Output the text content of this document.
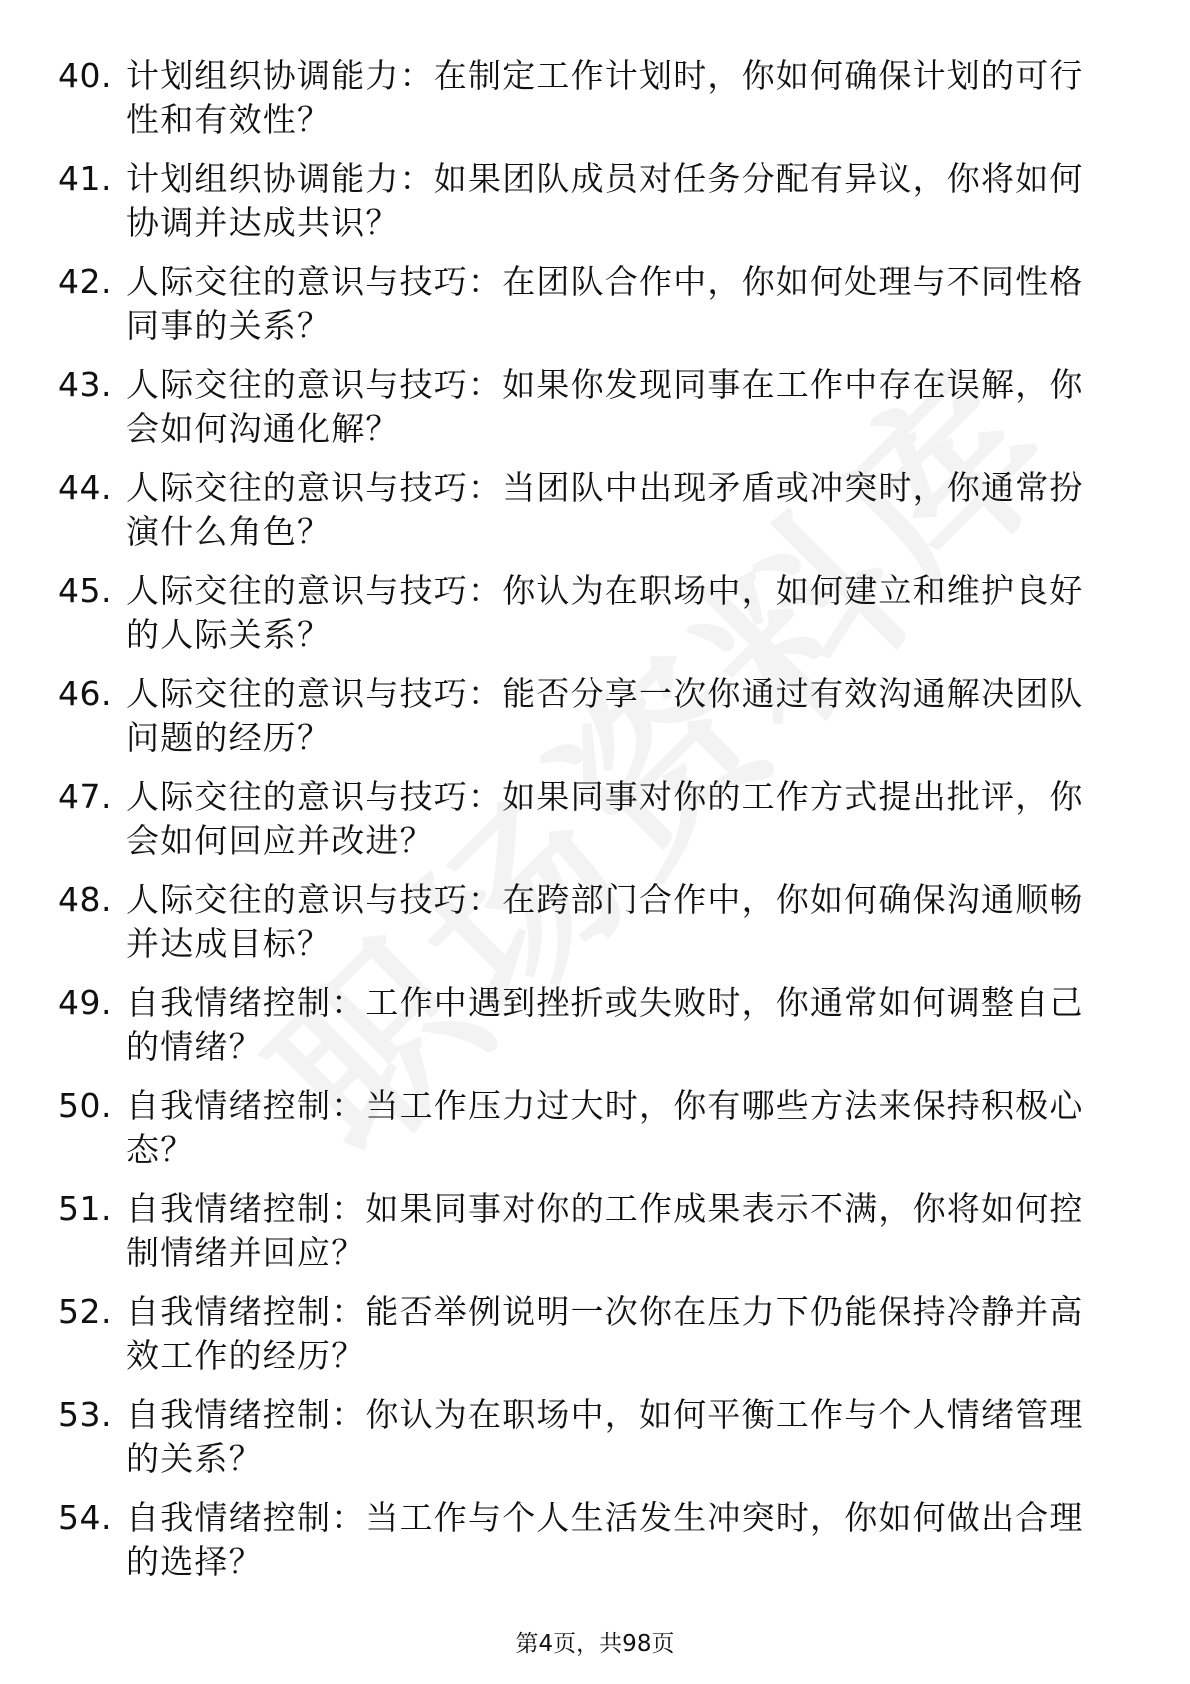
40. 计划组织协调能力：在制定工作计划时，你如何确保计划的可行性和有效性？
41. 计划组织协调能力：如果团队成员对任务分配有异议，你将如何协调并达成共识？
42. 人际交往的意识与技巧：在团队合作中，你如何处理与不同性格同事的关系？
43. 人际交往的意识与技巧：如果你发现同事在工作中存在误解，你会如何沟通化解？
44. 人际交往的意识与技巧：当团队中出现矛盾或冲突时，你通常扮演什么角色？
45. 人际交往的意识与技巧：你认为在职场中，如何建立和维护良好的人际关系？
46. 人际交往的意识与技巧：能否分享一次你通过有效沟通解决团队问题的经历？
47. 人际交往的意识与技巧：如果同事对你的工作方式提出批评，你会如何回应并改进？
48. 人际交往的意识与技巧：在跨部门合作中，你如何确保沟通顺畅并达成目标？
49. 自我情绪控制：工作中遇到挫折或失败时，你通常如何调整自己的情绪？
50. 自我情绪控制：当工作压力过大时，你有哪些方法来保持积极心态？
51. 自我情绪控制：如果同事对你的工作成果表示不满，你将如何控制情绪并回应？
52. 自我情绪控制：能否举例说明一次你在压力下仍能保持冷静并高效工作的经历？
53. 自我情绪控制：你认为在职场中，如何平衡工作与个人情绪管理的关系？
54. 自我情绪控制：当工作与个人生活发生冲突时，你如何做出合理的选择？
第4页，共98页
